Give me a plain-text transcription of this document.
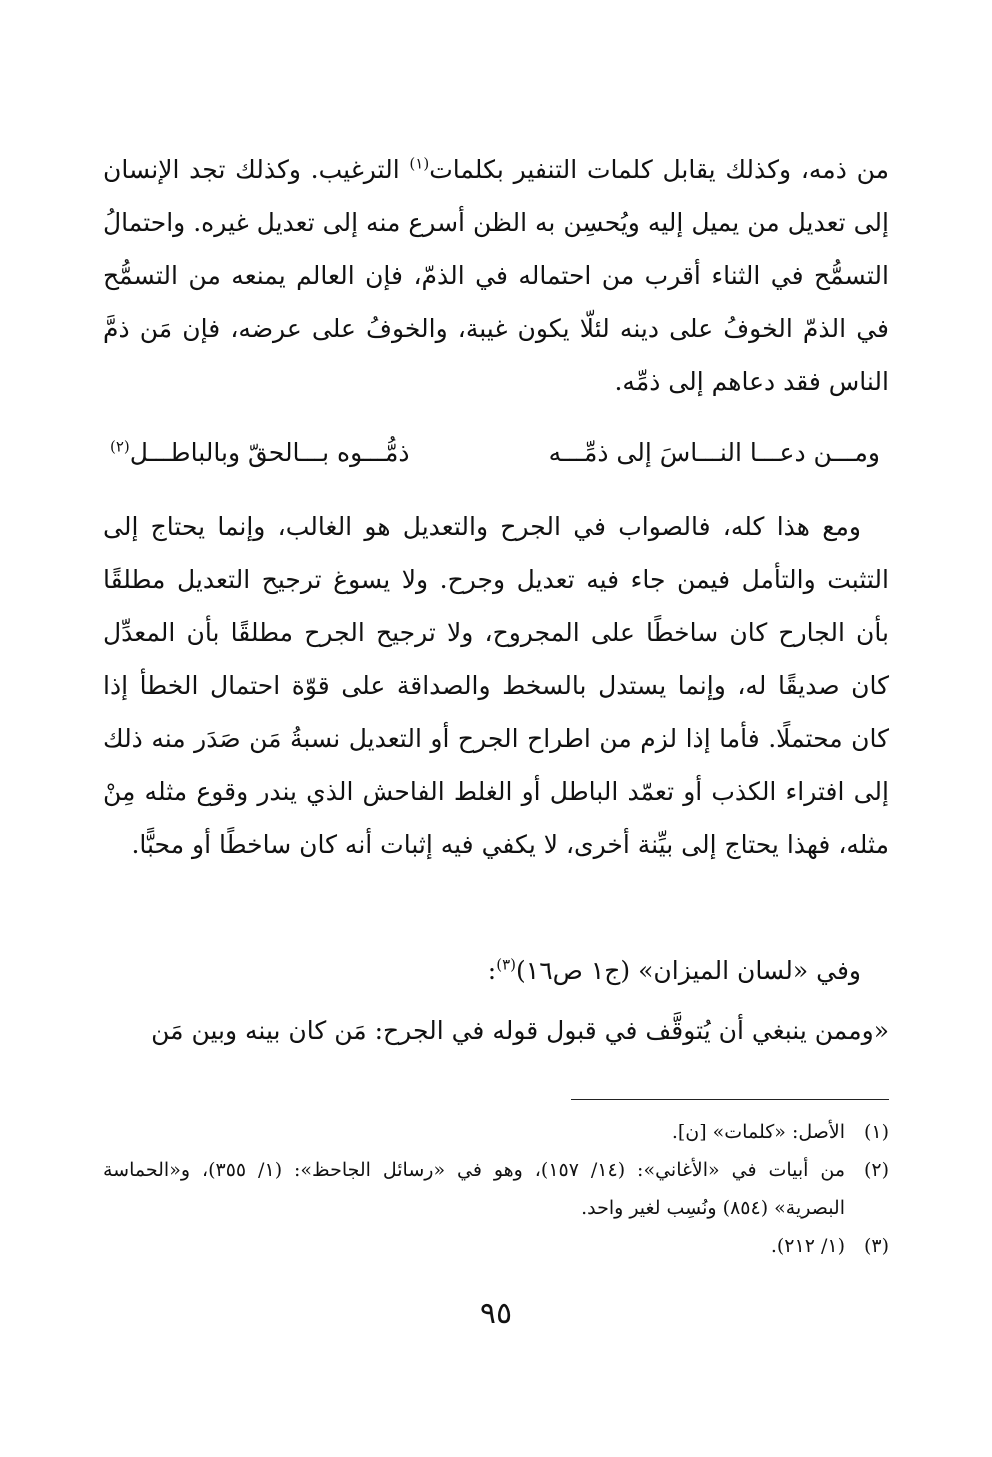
من ذمه، وكذلك يقابل كلمات التنفير بكلمات$^{(١)}$ الترغيب. وكذلك تجد الإنسان إلى تعديل من يميل إليه ويُحسِن به الظن أسرع منه إلى تعديل غيره. واحتمالُ التسمُّح في الثناء أقرب من احتماله في الذمّ، فإن العالم يمنعه من التسمُّح في الذمّ الخوفُ على دينه لئلّا يكون غيبة، والخوفُ على عرضه، فإن مَن ذمَّ الناس فقد دعاهم إلى ذمِّه.

ومـــن دعـــا النـــاسَ إلى ذمِّـــه
ذمُّـــوه بـــالحقّ وبالباطـــل$^{(٢)}$

ومع هذا كله، فالصواب في الجرح والتعديل هو الغالب، وإنما يحتاج إلى التثبت والتأمل فيمن جاء فيه تعديل وجرح. ولا يسوغ ترجيح التعديل مطلقًا بأن الجارح كان ساخطًا على المجروح، ولا ترجيح الجرح مطلقًا بأن المعدِّل كان صديقًا له، وإنما يستدل بالسخط والصداقة على قوّة احتمال الخطأ إذا كان محتملًا. فأما إذا لزم من اطراح الجرح أو التعديل نسبةُ مَن صَدَر منه ذلك إلى افتراء الكذب أو تعمّد الباطل أو الغلط الفاحش الذي يندر وقوع مثله مِنْ مثله، فهذا يحتاج إلى بيِّنة أخرى، لا يكفي فيه إثبات أنه كان ساخطًا أو محبًّا.

وفي «لسان الميزان» (ج١ ص١٦)$^{(٣)}$:

«وممن ينبغي أن يُتوقَّف في قبول قوله في الجرح: مَن كان بينه وبين مَن

(١)
الأصل: «كلمات» [ن].
(٢)
من أبيات في «الأغاني»: (١٤/ ١٥٧)، وهو في «رسائل الجاحظ»: (١/ ٣٥٥)، و«الحماسة البصرية» (٨٥٤) ونُسِب لغير واحد.
(٣)
(١/ ٢١٢).
٩٥
